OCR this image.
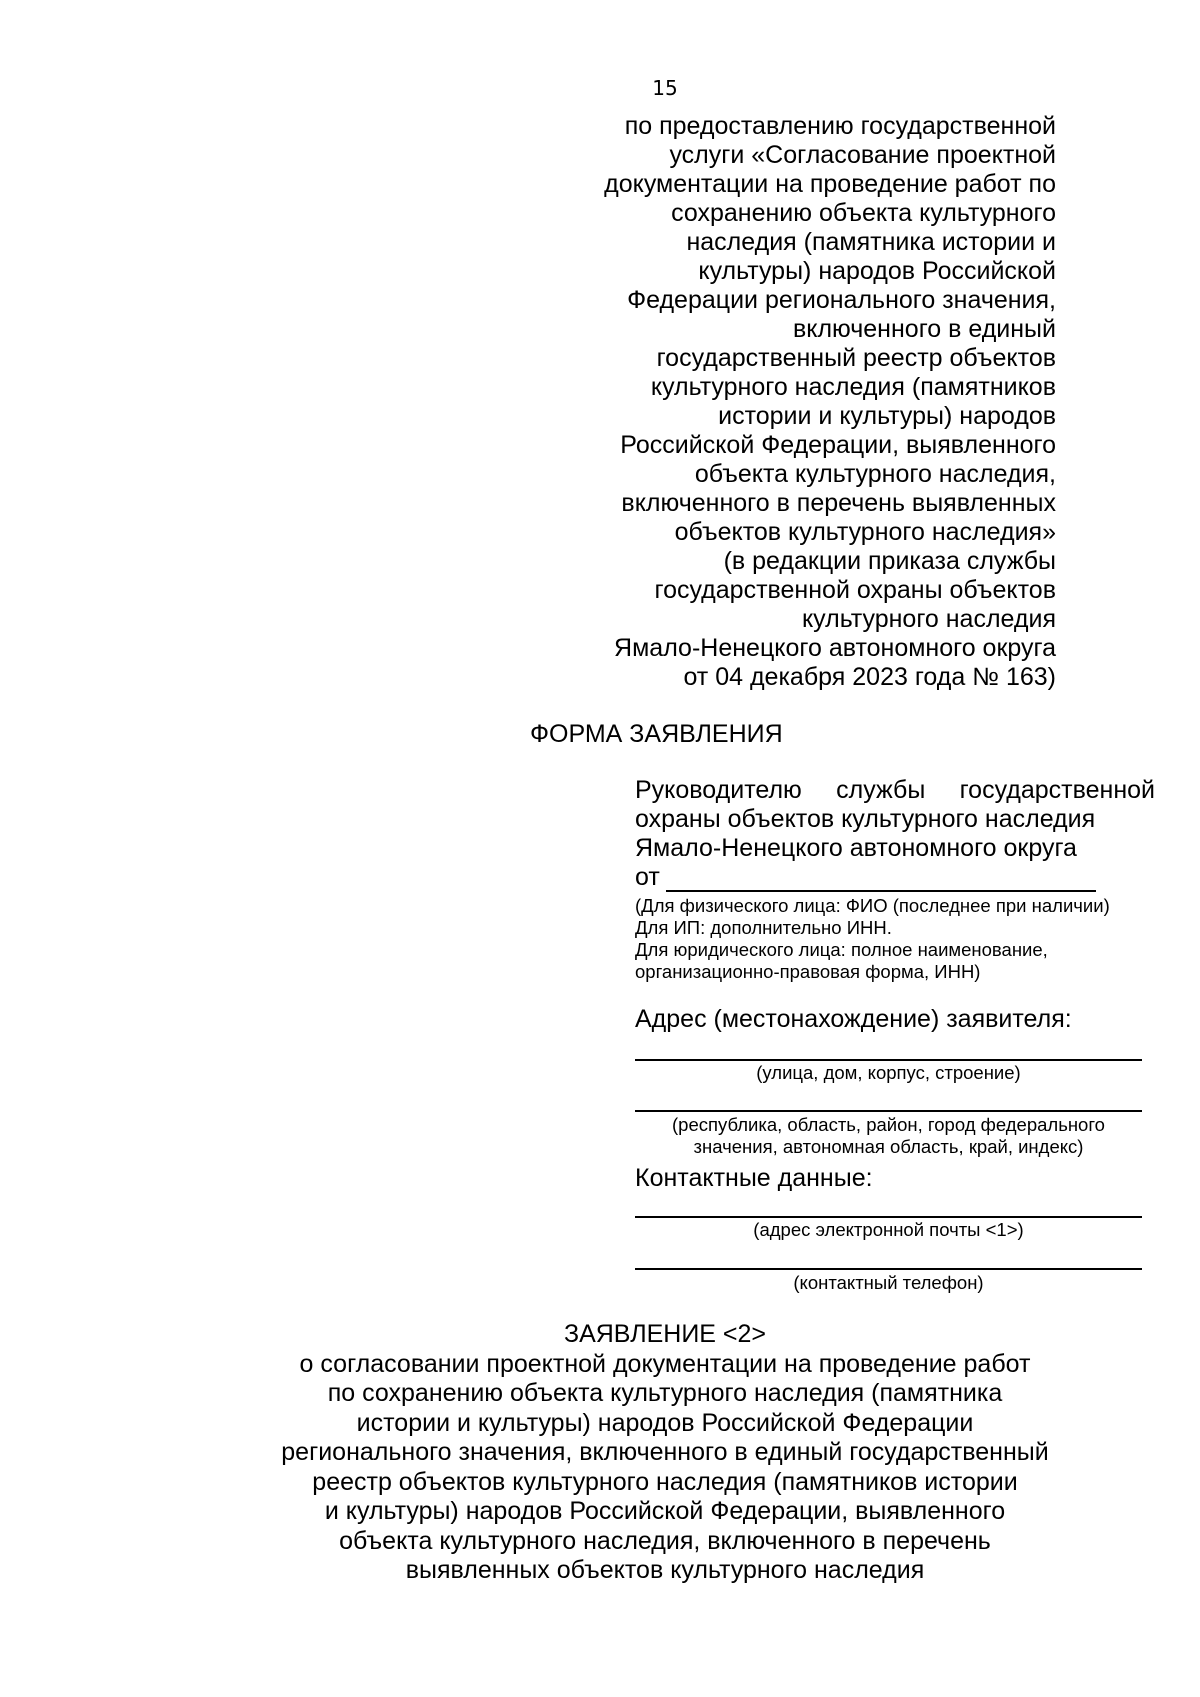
15
по предоставлению государственной
услуги «Согласование проектной
документации на проведение работ по
сохранению объекта культурного
наследия (памятника истории и
культуры) народов Российской
Федерации регионального значения,
включенного в единый
государственный реестр объектов
культурного наследия (памятников
истории и культуры) народов
Российской Федерации, выявленного
объекта культурного наследия,
включенного в перечень выявленных
объектов культурного наследия»
(в редакции приказа службы
государственной охраны объектов
культурного наследия
Ямало-Ненецкого автономного округа
от 04 декабря 2023 года № 163)
ФОРМА ЗАЯВЛЕНИЯ
Руководителю службы государственной
охраны объектов культурного наследия
Ямало-Ненецкого автономного округа
от
(Для физического лица: ФИО (последнее при наличии)
Для ИП: дополнительно ИНН.
Для юридического лица: полное наименование,
организационно-правовая форма, ИНН)
Адрес (местонахождение) заявителя:
(улица, дом, корпус, строение)
(республика, область, район, город федерального
значения, автономная область, край, индекс)
Контактные данные:
(адрес электронной почты <1>)
(контактный телефон)
ЗАЯВЛЕНИЕ <2>
о согласовании проектной документации на проведение работ
по сохранению объекта культурного наследия (памятника
истории и культуры) народов Российской Федерации
регионального значения, включенного в единый государственный
реестр объектов культурного наследия (памятников истории
и культуры) народов Российской Федерации, выявленного
объекта культурного наследия, включенного в перечень
выявленных объектов культурного наследия
